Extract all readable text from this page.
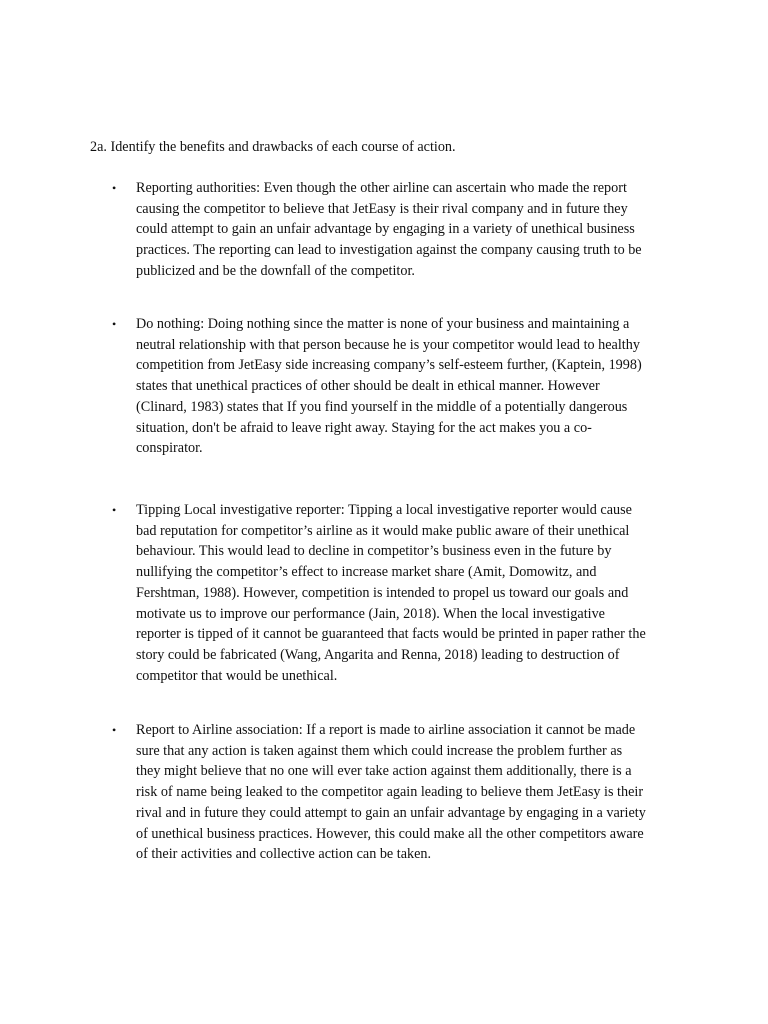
2a. Identify the benefits and drawbacks of each course of action.
•	Reporting authorities: Even though the other airline can ascertain who made the report
causing the competitor to believe that JetEasy is their rival company and in future they
could attempt to gain an unfair advantage by engaging in a variety of unethical business
practices. The reporting can lead to investigation against the company causing truth to be
publicized and be the downfall of the competitor.
•	Do nothing: Doing nothing since the matter is none of your business and maintaining a
neutral relationship with that person because he is your competitor would lead to healthy
competition from JetEasy side increasing company’s self-esteem further, (Kaptein, 1998)
states that unethical practices of other should be dealt in ethical manner. However
(Clinard, 1983) states that If you find yourself in the middle of a potentially dangerous
situation, don't be afraid to leave right away. Staying for the act makes you a co-
conspirator.
•	Tipping Local investigative reporter: Tipping a local investigative reporter would cause
bad reputation for competitor’s airline as it would make public aware of their unethical
behaviour. This would lead to decline in competitor’s business even in the future by
nullifying the competitor’s effect to increase market share (Amit, Domowitz, and
Fershtman, 1988). However, competition is intended to propel us toward our goals and
motivate us to improve our performance (Jain, 2018). When the local investigative
reporter is tipped of it cannot be guaranteed that facts would be printed in paper rather the
story could be fabricated (Wang, Angarita and Renna, 2018) leading to destruction of
competitor that would be unethical.
•	Report to Airline association: If a report is made to airline association it cannot be made
sure that any action is taken against them which could increase the problem further as
they might believe that no one will ever take action against them additionally, there is a
risk of name being leaked to the competitor again leading to believe them JetEasy is their
rival and in future they could attempt to gain an unfair advantage by engaging in a variety
of unethical business practices. However, this could make all the other competitors aware
of their activities and collective action can be taken.
